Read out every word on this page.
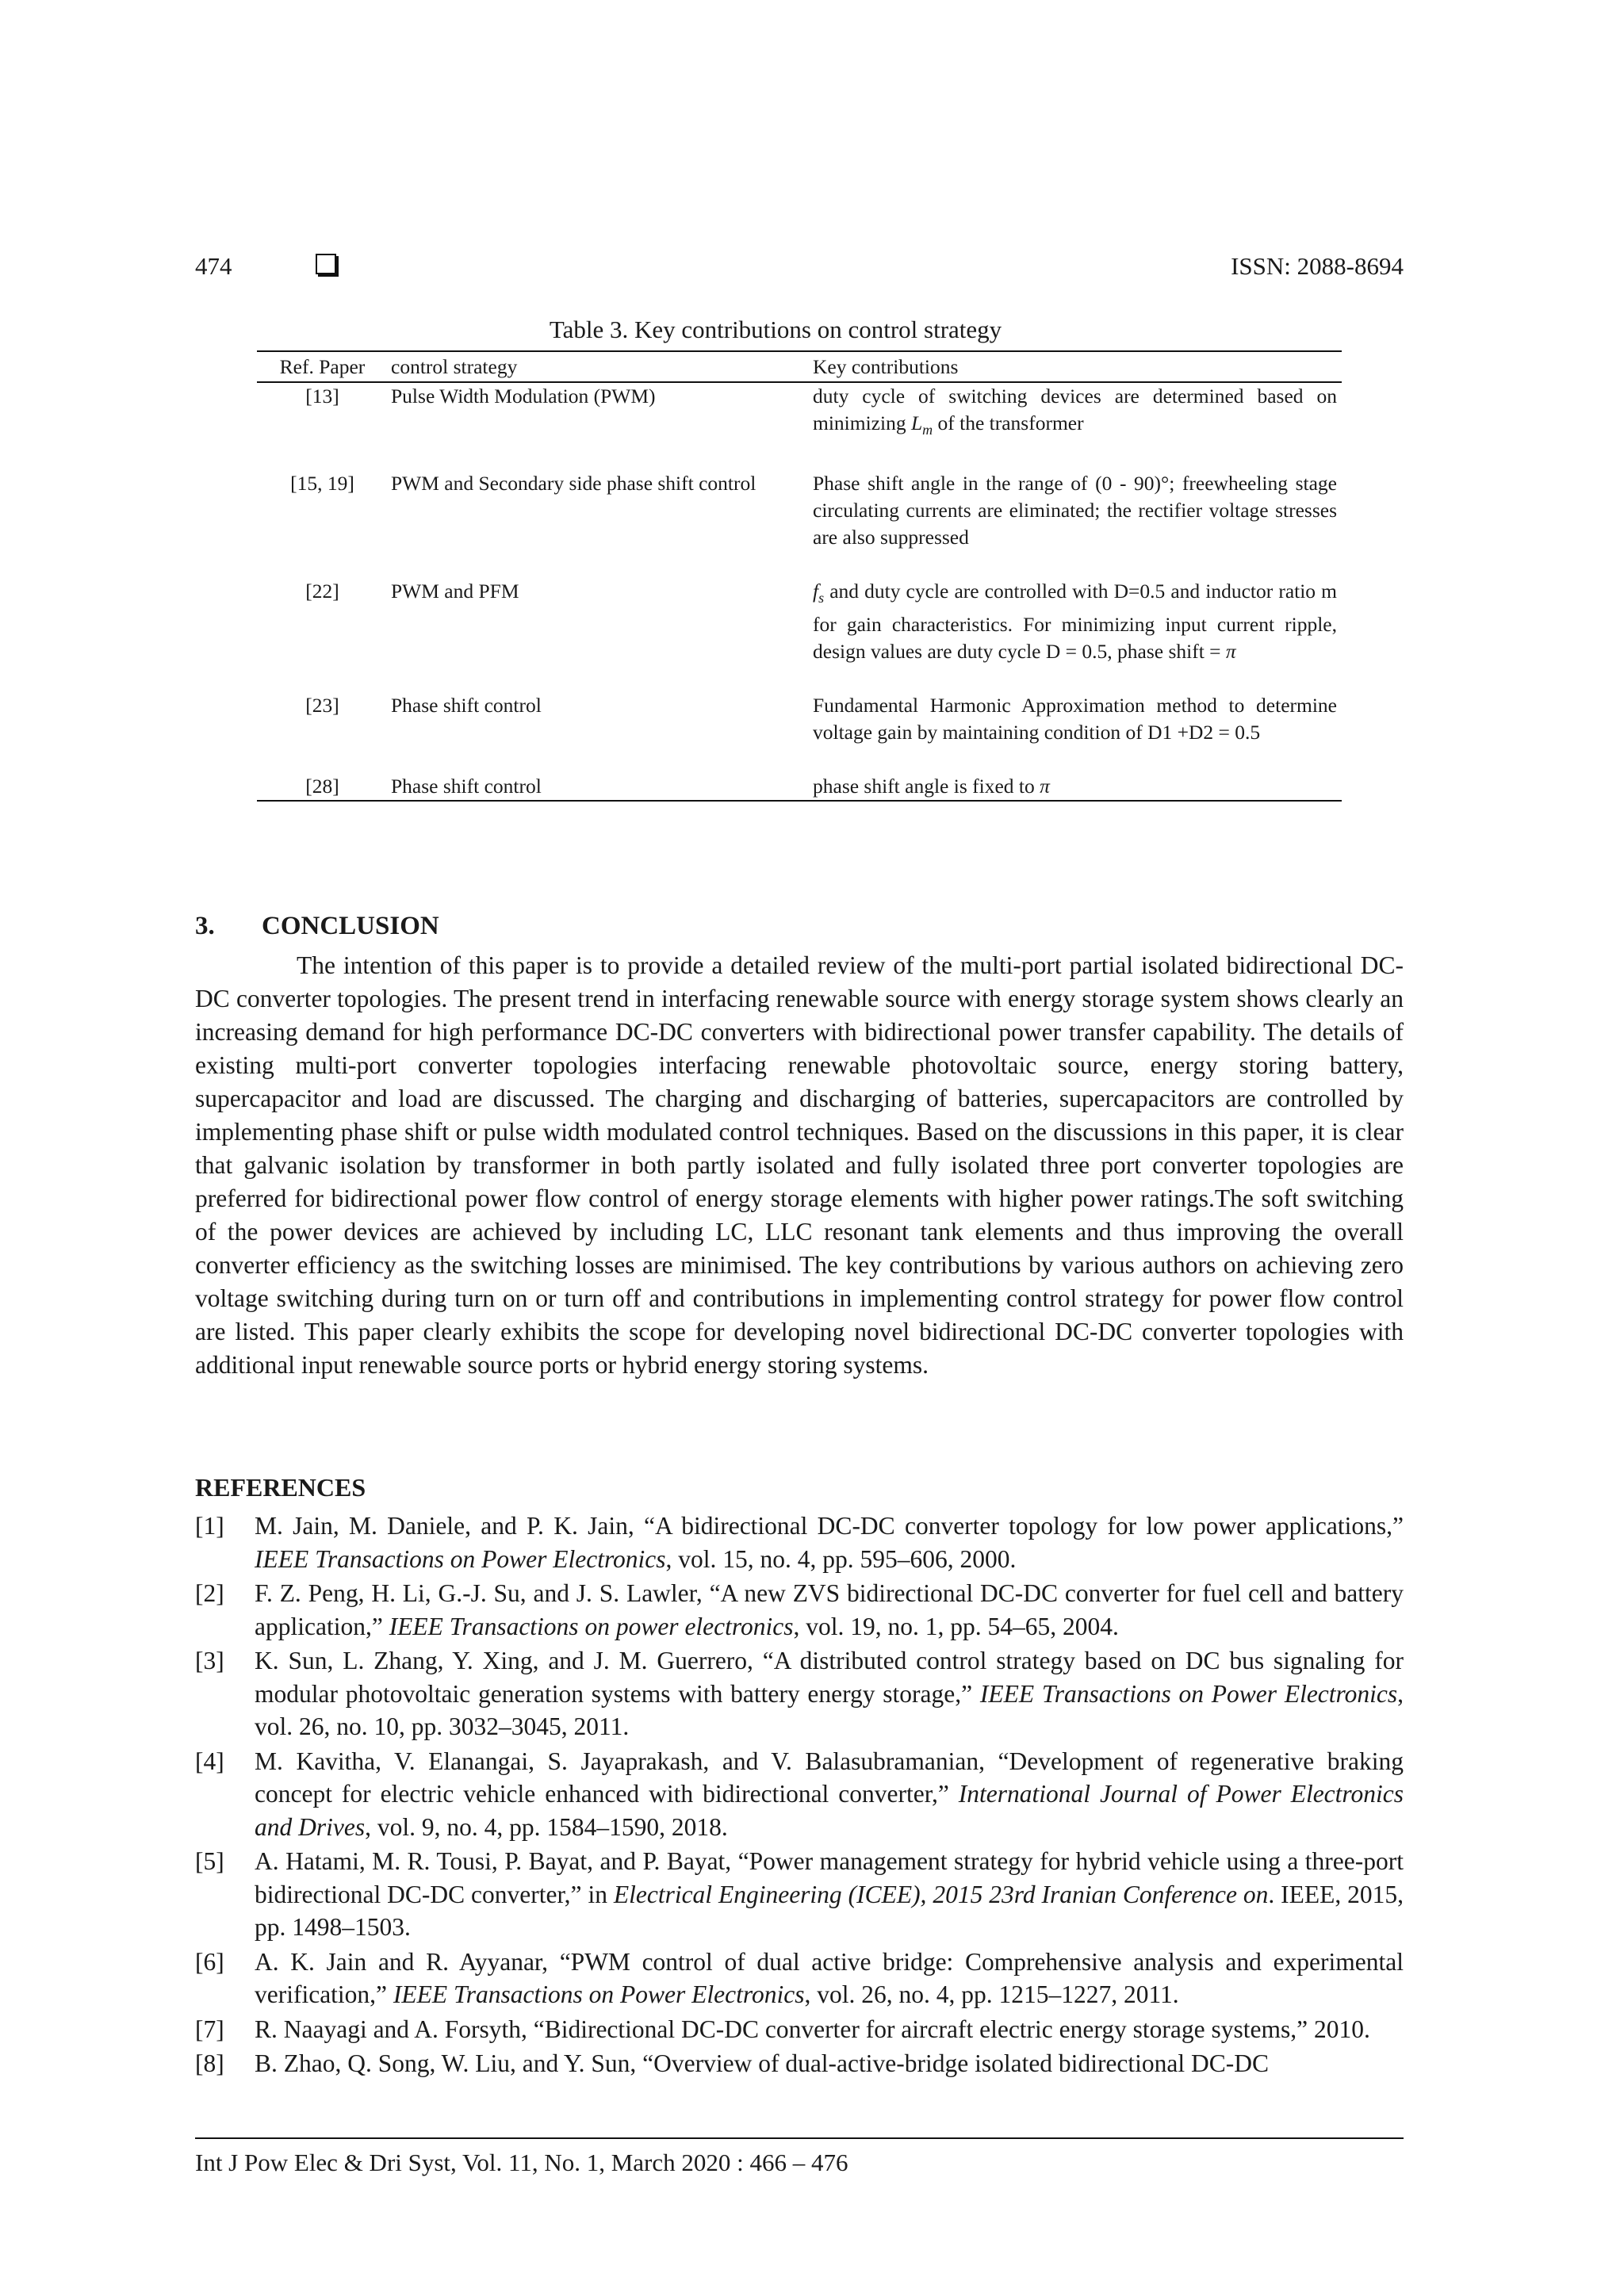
474	ISSN: 2088-8694
Table 3. Key contributions on control strategy
Ref. Paper	control strategy	Key contributions
[13]	Pulse Width Modulation (PWM)	duty cycle of switching devices are determined based on minimizing $L_m$ of the transformer

[15, 19]	PWM and Secondary side phase shift control	Phase shift angle in the range of (0 - 90)°; freewheeling stage circulating currents are eliminated; the rectifier voltage stresses are also suppressed

[22]	PWM and PFM	$f_s$ and duty cycle are controlled with D=0.5 and inductor ratio m for gain characteristics. For minimizing input current ripple, design values are duty cycle D = 0.5, phase shift = π

[23]	Phase shift control	Fundamental Harmonic Approximation method to determine voltage gain by maintaining condition of D1 +D2 = 0.5

[28]	Phase shift control	phase shift angle is fixed to π
3. CONCLUSION

The intention of this paper is to provide a detailed review of the multi-port partial isolated bidirectional DC-DC converter topologies. The present trend in interfacing renewable source with energy storage system shows clearly an increasing demand for high performance DC-DC converters with bidirectional power transfer capability. The details of existing multi-port converter topologies interfacing renewable photovoltaic source, energy storing battery, supercapacitor and load are discussed. The charging and discharging of batteries, supercapacitors are controlled by implementing phase shift or pulse width modulated control techniques. Based on the discussions in this paper, it is clear that galvanic isolation by transformer in both partly isolated and fully isolated three port converter topologies are preferred for bidirectional power flow control of energy storage elements with higher power ratings.The soft switching of the power devices are achieved by including LC, LLC resonant tank elements and thus improving the overall converter efficiency as the switching losses are minimised. The key contributions by various authors on achieving zero voltage switching during turn on or turn off and contributions in implementing control strategy for power flow control are listed. This paper clearly exhibits the scope for developing novel bidirectional DC-DC converter topologies with additional input renewable source ports or hybrid energy storing systems.

REFERENCES
[1] M. Jain, M. Daniele, and P. K. Jain, “A bidirectional DC-DC converter topology for low power applications,” IEEE Transactions on Power Electronics, vol. 15, no. 4, pp. 595–606, 2000.
[2] F. Z. Peng, H. Li, G.-J. Su, and J. S. Lawler, “A new ZVS bidirectional DC-DC converter for fuel cell and battery application,” IEEE Transactions on power electronics, vol. 19, no. 1, pp. 54–65, 2004.
[3] K. Sun, L. Zhang, Y. Xing, and J. M. Guerrero, “A distributed control strategy based on DC bus signaling for modular photovoltaic generation systems with battery energy storage,” IEEE Transactions on Power Electronics, vol. 26, no. 10, pp. 3032–3045, 2011.
[4] M. Kavitha, V. Elanangai, S. Jayaprakash, and V. Balasubramanian, “Development of regenerative braking concept for electric vehicle enhanced with bidirectional converter,” International Journal of Power Electronics and Drives, vol. 9, no. 4, pp. 1584–1590, 2018.
[5] A. Hatami, M. R. Tousi, P. Bayat, and P. Bayat, “Power management strategy for hybrid vehicle using a three-port bidirectional DC-DC converter,” in Electrical Engineering (ICEE), 2015 23rd Iranian Conference on. IEEE, 2015, pp. 1498–1503.
[6] A. K. Jain and R. Ayyanar, “PWM control of dual active bridge: Comprehensive analysis and experimental verification,” IEEE Transactions on Power Electronics, vol. 26, no. 4, pp. 1215–1227, 2011.
[7] R. Naayagi and A. Forsyth, “Bidirectional DC-DC converter for aircraft electric energy storage systems,” 2010.
[8] B. Zhao, Q. Song, W. Liu, and Y. Sun, “Overview of dual-active-bridge isolated bidirectional DC-DC
Int J Pow Elec & Dri Syst, Vol. 11, No. 1, March 2020 : 466 – 476
